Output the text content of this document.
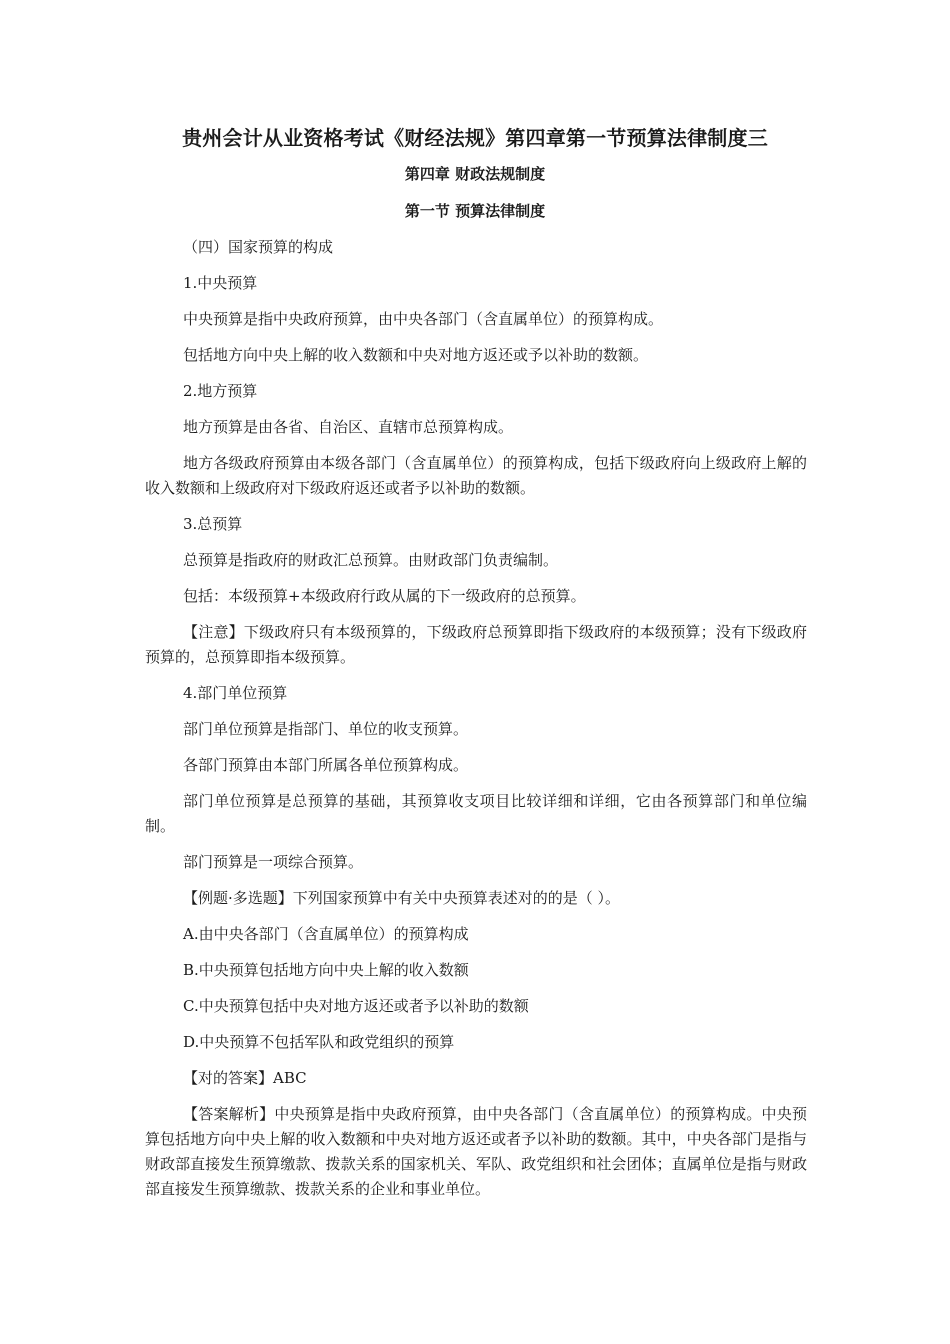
贵州会计从业资格考试《财经法规》第四章第一节预算法律制度三
第四章 财政法规制度
第一节 预算法律制度

（四）国家预算的构成

1.中央预算

中央预算是指中央政府预算，由中央各部门（含直属单位）的预算构成。

包括地方向中央上解的收入数额和中央对地方返还或予以补助的数额。

2.地方预算

地方预算是由各省、自治区、直辖市总预算构成。

地方各级政府预算由本级各部门（含直属单位）的预算构成，包括下级政府向上级政府上解的收入数额和上级政府对下级政府返还或者予以补助的数额。

3.总预算

总预算是指政府的财政汇总预算。由财政部门负责编制。

包括：本级预算+本级政府行政从属的下一级政府的总预算。

【注意】下级政府只有本级预算的，下级政府总预算即指下级政府的本级预算；没有下级政府预算的，总预算即指本级预算。

4.部门单位预算

部门单位预算是指部门、单位的收支预算。

各部门预算由本部门所属各单位预算构成。

部门单位预算是总预算的基础，其预算收支项目比较详细和详细，它由各预算部门和单位编制。

部门预算是一项综合预算。

【例题·多选题】下列国家预算中有关中央预算表述对的的是（ ）。

A.由中央各部门（含直属单位）的预算构成

B.中央预算包括地方向中央上解的收入数额

C.中央预算包括中央对地方返还或者予以补助的数额

D.中央预算不包括军队和政党组织的预算

【对的答案】ABC

【答案解析】中央预算是指中央政府预算，由中央各部门（含直属单位）的预算构成。中央预算包括地方向中央上解的收入数额和中央对地方返还或者予以补助的数额。其中，中央各部门是指与财政部直接发生预算缴款、拨款关系的国家机关、军队、政党组织和社会团体；直属单位是指与财政部直接发生预算缴款、拨款关系的企业和事业单位。
